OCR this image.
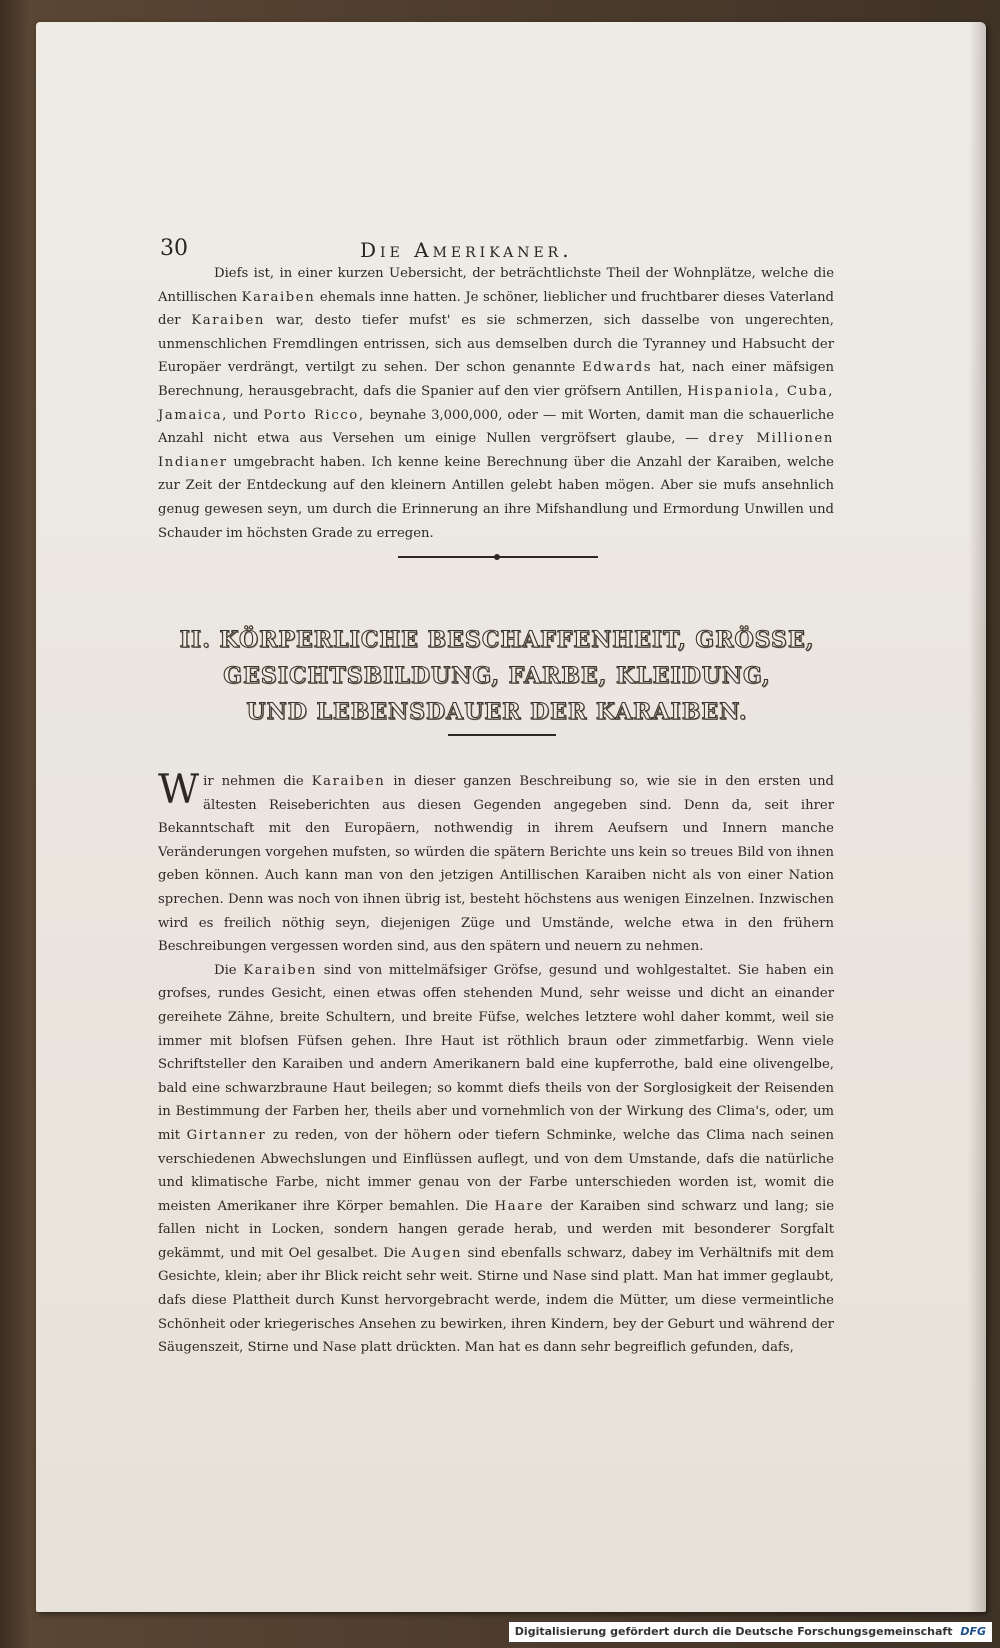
30	Die Amerikaner.

Diefs ist, in einer kurzen Uebersicht, der beträchtlichste Theil der Wohnplätze, welche die Antillischen Karaiben ehemals inne hatten. Je schöner, lieblicher und fruchtbarer dieses Vaterland der Karaiben war, desto tiefer mufst' es sie schmerzen, sich dasselbe von ungerechten, unmenschlichen Fremdlingen entrissen, sich aus demselben durch die Tyranney und Habsucht der Europäer verdrängt, vertilgt zu sehen. Der schon genannte Edwards hat, nach einer mäfsigen Berechnung, herausgebracht, dafs die Spanier auf den vier gröfsern Antillen, Hispaniola, Cuba, Jamaica, und Porto Ricco, beynahe 3,000,000, oder — mit Worten, damit man die schauerliche Anzahl nicht etwa aus Versehen um einige Nullen vergröfsert glaube, — drey Millionen Indianer umgebracht haben. Ich kenne keine Berechnung über die Anzahl der Karaiben, welche zur Zeit der Entdeckung auf den kleinern Antillen gelebt haben mögen. Aber sie mufs ansehnlich genug gewesen seyn, um durch die Erinnerung an ihre Mifshandlung und Ermordung Unwillen und Schauder im höchsten Grade zu erregen.

II. KÖRPERLICHE BESCHAFFENHEIT, GRÖSSE,
GESICHTSBILDUNG, FARBE, KLEIDUNG,
UND LEBENSDAUER DER KARAIBEN.

Wir nehmen die Karaiben in dieser ganzen Beschreibung so, wie sie in den ersten und ältesten Reiseberichten aus diesen Gegenden angegeben sind. Denn da, seit ihrer Bekanntschaft mit den Europäern, nothwendig in ihrem Aeufsern und Innern manche Veränderungen vorgehen mufsten, so würden die spätern Berichte uns kein so treues Bild von ihnen geben können. Auch kann man von den jetzigen Antillischen Karaiben nicht als von einer Nation sprechen. Denn was noch von ihnen übrig ist, besteht höchstens aus wenigen Einzelnen. Inzwischen wird es freilich nöthig seyn, diejenigen Züge und Umstände, welche etwa in den frühern Beschreibungen vergessen worden sind, aus den spätern und neuern zu nehmen.

Die Karaiben sind von mittelmäfsiger Gröfse, gesund und wohlgestaltet. Sie haben ein grofses, rundes Gesicht, einen etwas offen stehenden Mund, sehr weisse und dicht an einander gereihete Zähne, breite Schultern, und breite Füfse, welches letztere wohl daher kommt, weil sie immer mit blofsen Füfsen gehen. Ihre Haut ist röthlich braun oder zimmetfarbig. Wenn viele Schriftsteller den Karaiben und andern Amerikanern bald eine kupferrothe, bald eine olivengelbe, bald eine schwarzbraune Haut beilegen; so kommt diefs theils von der Sorglosigkeit der Reisenden in Bestimmung der Farben her, theils aber und vornehmlich von der Wirkung des Clima's, oder, um mit Girtanner zu reden, von der höhern oder tiefern Schminke, welche das Clima nach seinen verschiedenen Abwechslungen und Einflüssen auflegt, und von dem Umstande, dafs die natürliche und klimatische Farbe, nicht immer genau von der Farbe unterschieden worden ist, womit die meisten Amerikaner ihre Körper bemahlen. Die Haare der Karaiben sind schwarz und lang; sie fallen nicht in Locken, sondern hangen gerade herab, und werden mit besonderer Sorgfalt gekämmt, und mit Oel gesalbet. Die Augen sind ebenfalls schwarz, dabey im Verhältnifs mit dem Gesichte, klein; aber ihr Blick reicht sehr weit. Stirne und Nase sind platt. Man hat immer geglaubt, dafs diese Plattheit durch Kunst hervorgebracht werde, indem die Mütter, um diese vermeintliche Schönheit oder kriegerisches Ansehen zu bewirken, ihren Kindern, bey der Geburt und während der Säugenszeit, Stirne und Nase platt drückten. Man hat es dann sehr begreiflich gefunden, dafs,

Digitalisierung gefördert durch die Deutsche Forschungsgemeinschaft DFG
